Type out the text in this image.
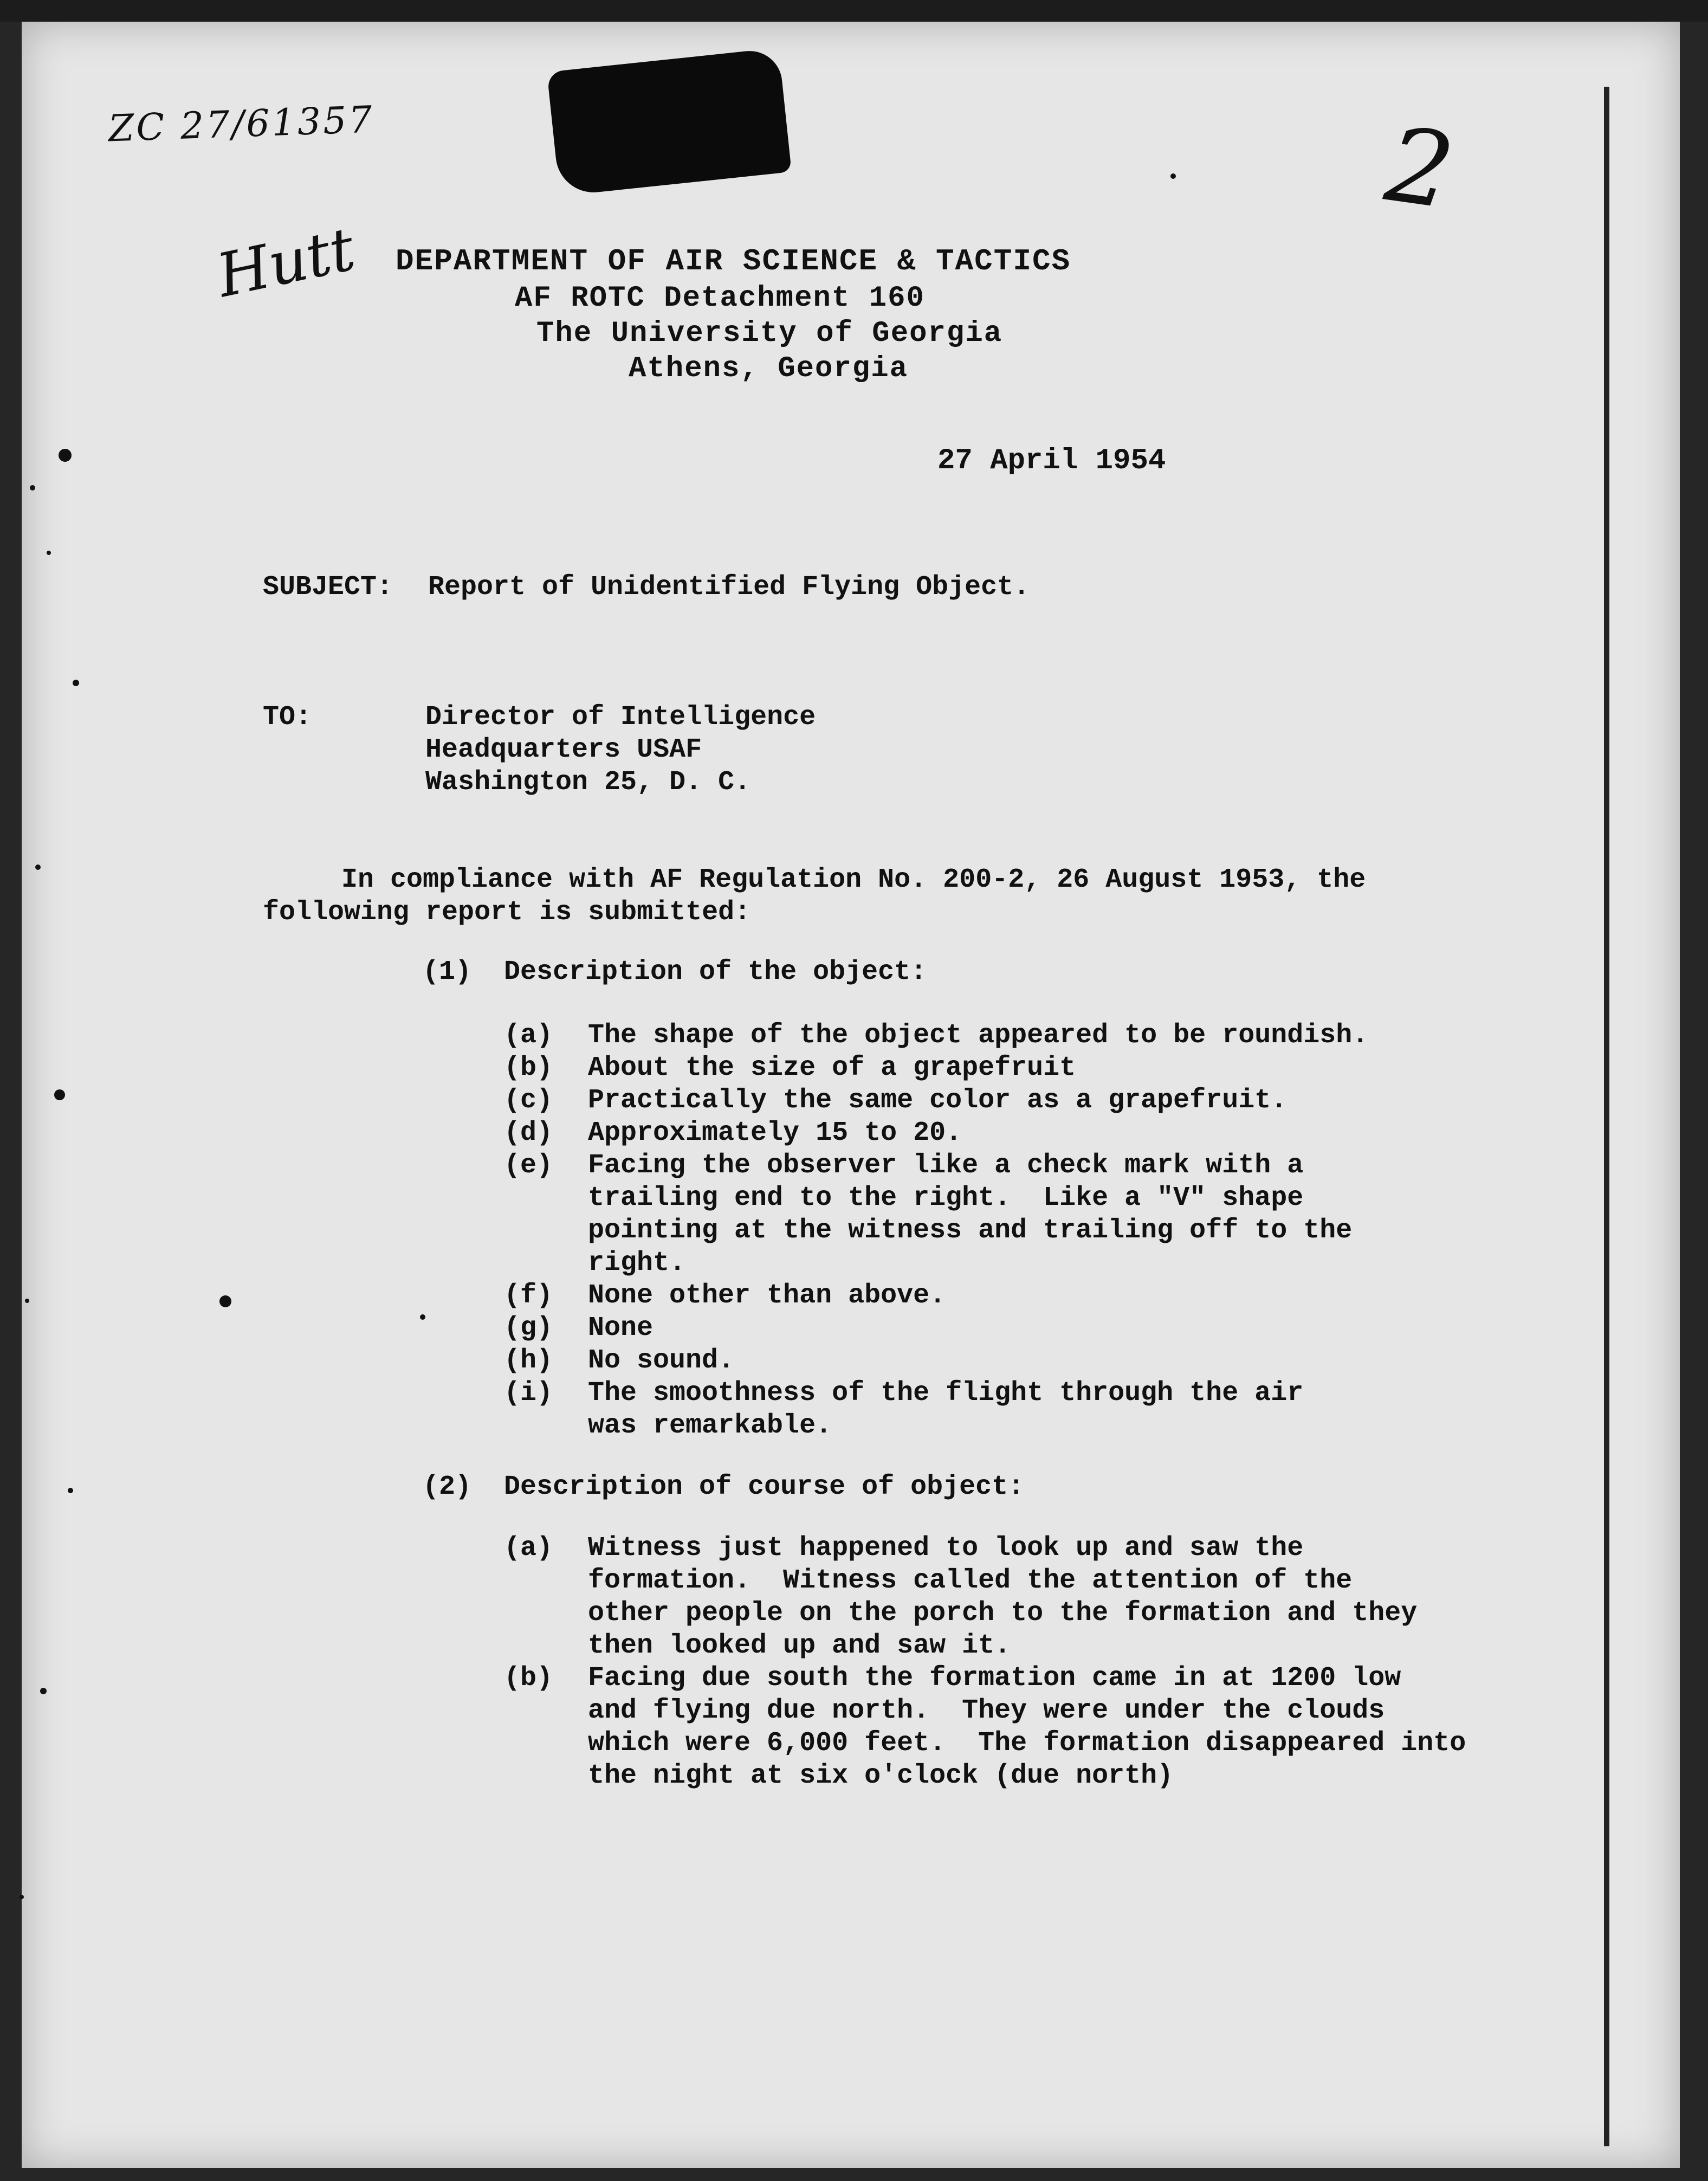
ZC 27/61357
Hutt
2
DEPARTMENT OF AIR SCIENCE & TACTICS
AF ROTC Detachment 160
The University of Georgia
Athens, Georgia
27 April 1954
SUBJECT: Report of Unidentified Flying Object.
TO:	Director of Intelligence
Headquarters USAF
Washington 25, D. C.
In compliance with AF Regulation No. 200-2, 26 August 1953, the
following report is submitted:
(1) Description of the object:
(a) The shape of the object appeared to be roundish.
(b) About the size of a grapefruit
(c) Practically the same color as a grapefruit.
(d) Approximately 15 to 20.
(e) Facing the observer like a check mark with a
trailing end to the right.  Like a "V" shape
pointing at the witness and trailing off to the
right.
(f) None other than above.
(g) None
(h) No sound.
(i) The smoothness of the flight through the air
was remarkable.
(2) Description of course of object:
(a) Witness just happened to look up and saw the
formation.  Witness called the attention of the
other people on the porch to the formation and they
then looked up and saw it.
(b) Facing due south the formation came in at 1200 low
and flying due north.  They were under the clouds
which were 6,000 feet.  The formation disappeared into
the night at six o'clock (due north)
